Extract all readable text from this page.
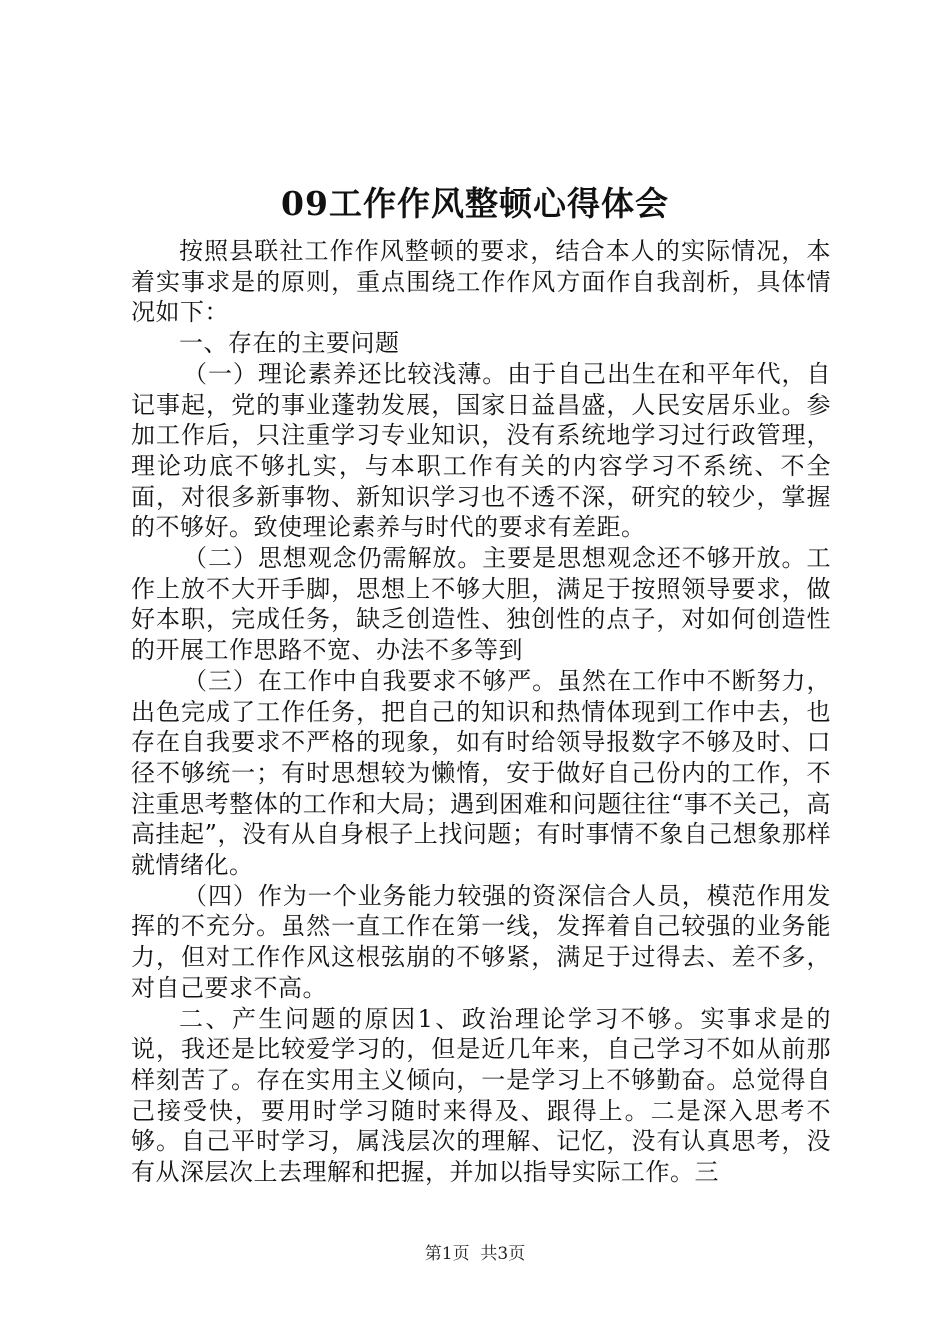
09工作作风整顿心得体会

按照县联社工作作风整顿的要求，结合本人的实际情况，本着实事求是的原则，重点围绕工作作风方面作自我剖析，具体情况如下：

一、存在的主要问题

（一）理论素养还比较浅薄。由于自己出生在和平年代，自记事起，党的事业蓬勃发展，国家日益昌盛，人民安居乐业。参加工作后，只注重学习专业知识，没有系统地学习过行政管理，理论功底不够扎实，与本职工作有关的内容学习不系统、不全面，对很多新事物、新知识学习也不透不深，研究的较少，掌握的不够好。致使理论素养与时代的要求有差距。

（二）思想观念仍需解放。主要是思想观念还不够开放。工作上放不大开手脚，思想上不够大胆，满足于按照领导要求，做好本职，完成任务，缺乏创造性、独创性的点子，对如何创造性的开展工作思路不宽、办法不多等到

（三）在工作中自我要求不够严。虽然在工作中不断努力，出色完成了工作任务，把自己的知识和热情体现到工作中去，也存在自我要求不严格的现象，如有时给领导报数字不够及时、口径不够统一；有时思想较为懒惰，安于做好自己份内的工作，不注重思考整体的工作和大局；遇到困难和问题往往“事不关己，高高挂起”，没有从自身根子上找问题；有时事情不象自己想象那样就情绪化。

（四）作为一个业务能力较强的资深信合人员，模范作用发挥的不充分。虽然一直工作在第一线，发挥着自己较强的业务能力，但对工作作风这根弦崩的不够紧，满足于过得去、差不多，对自己要求不高。

二、产生问题的原因1、政治理论学习不够。实事求是的说，我还是比较爱学习的，但是近几年来，自己学习不如从前那样刻苦了。存在实用主义倾向，一是学习上不够勤奋。总觉得自己接受快，要用时学习随时来得及、跟得上。二是深入思考不够。自己平时学习，属浅层次的理解、记忆，没有认真思考，没有从深层次上去理解和把握，并加以指导实际工作。三

第1页  共3页
